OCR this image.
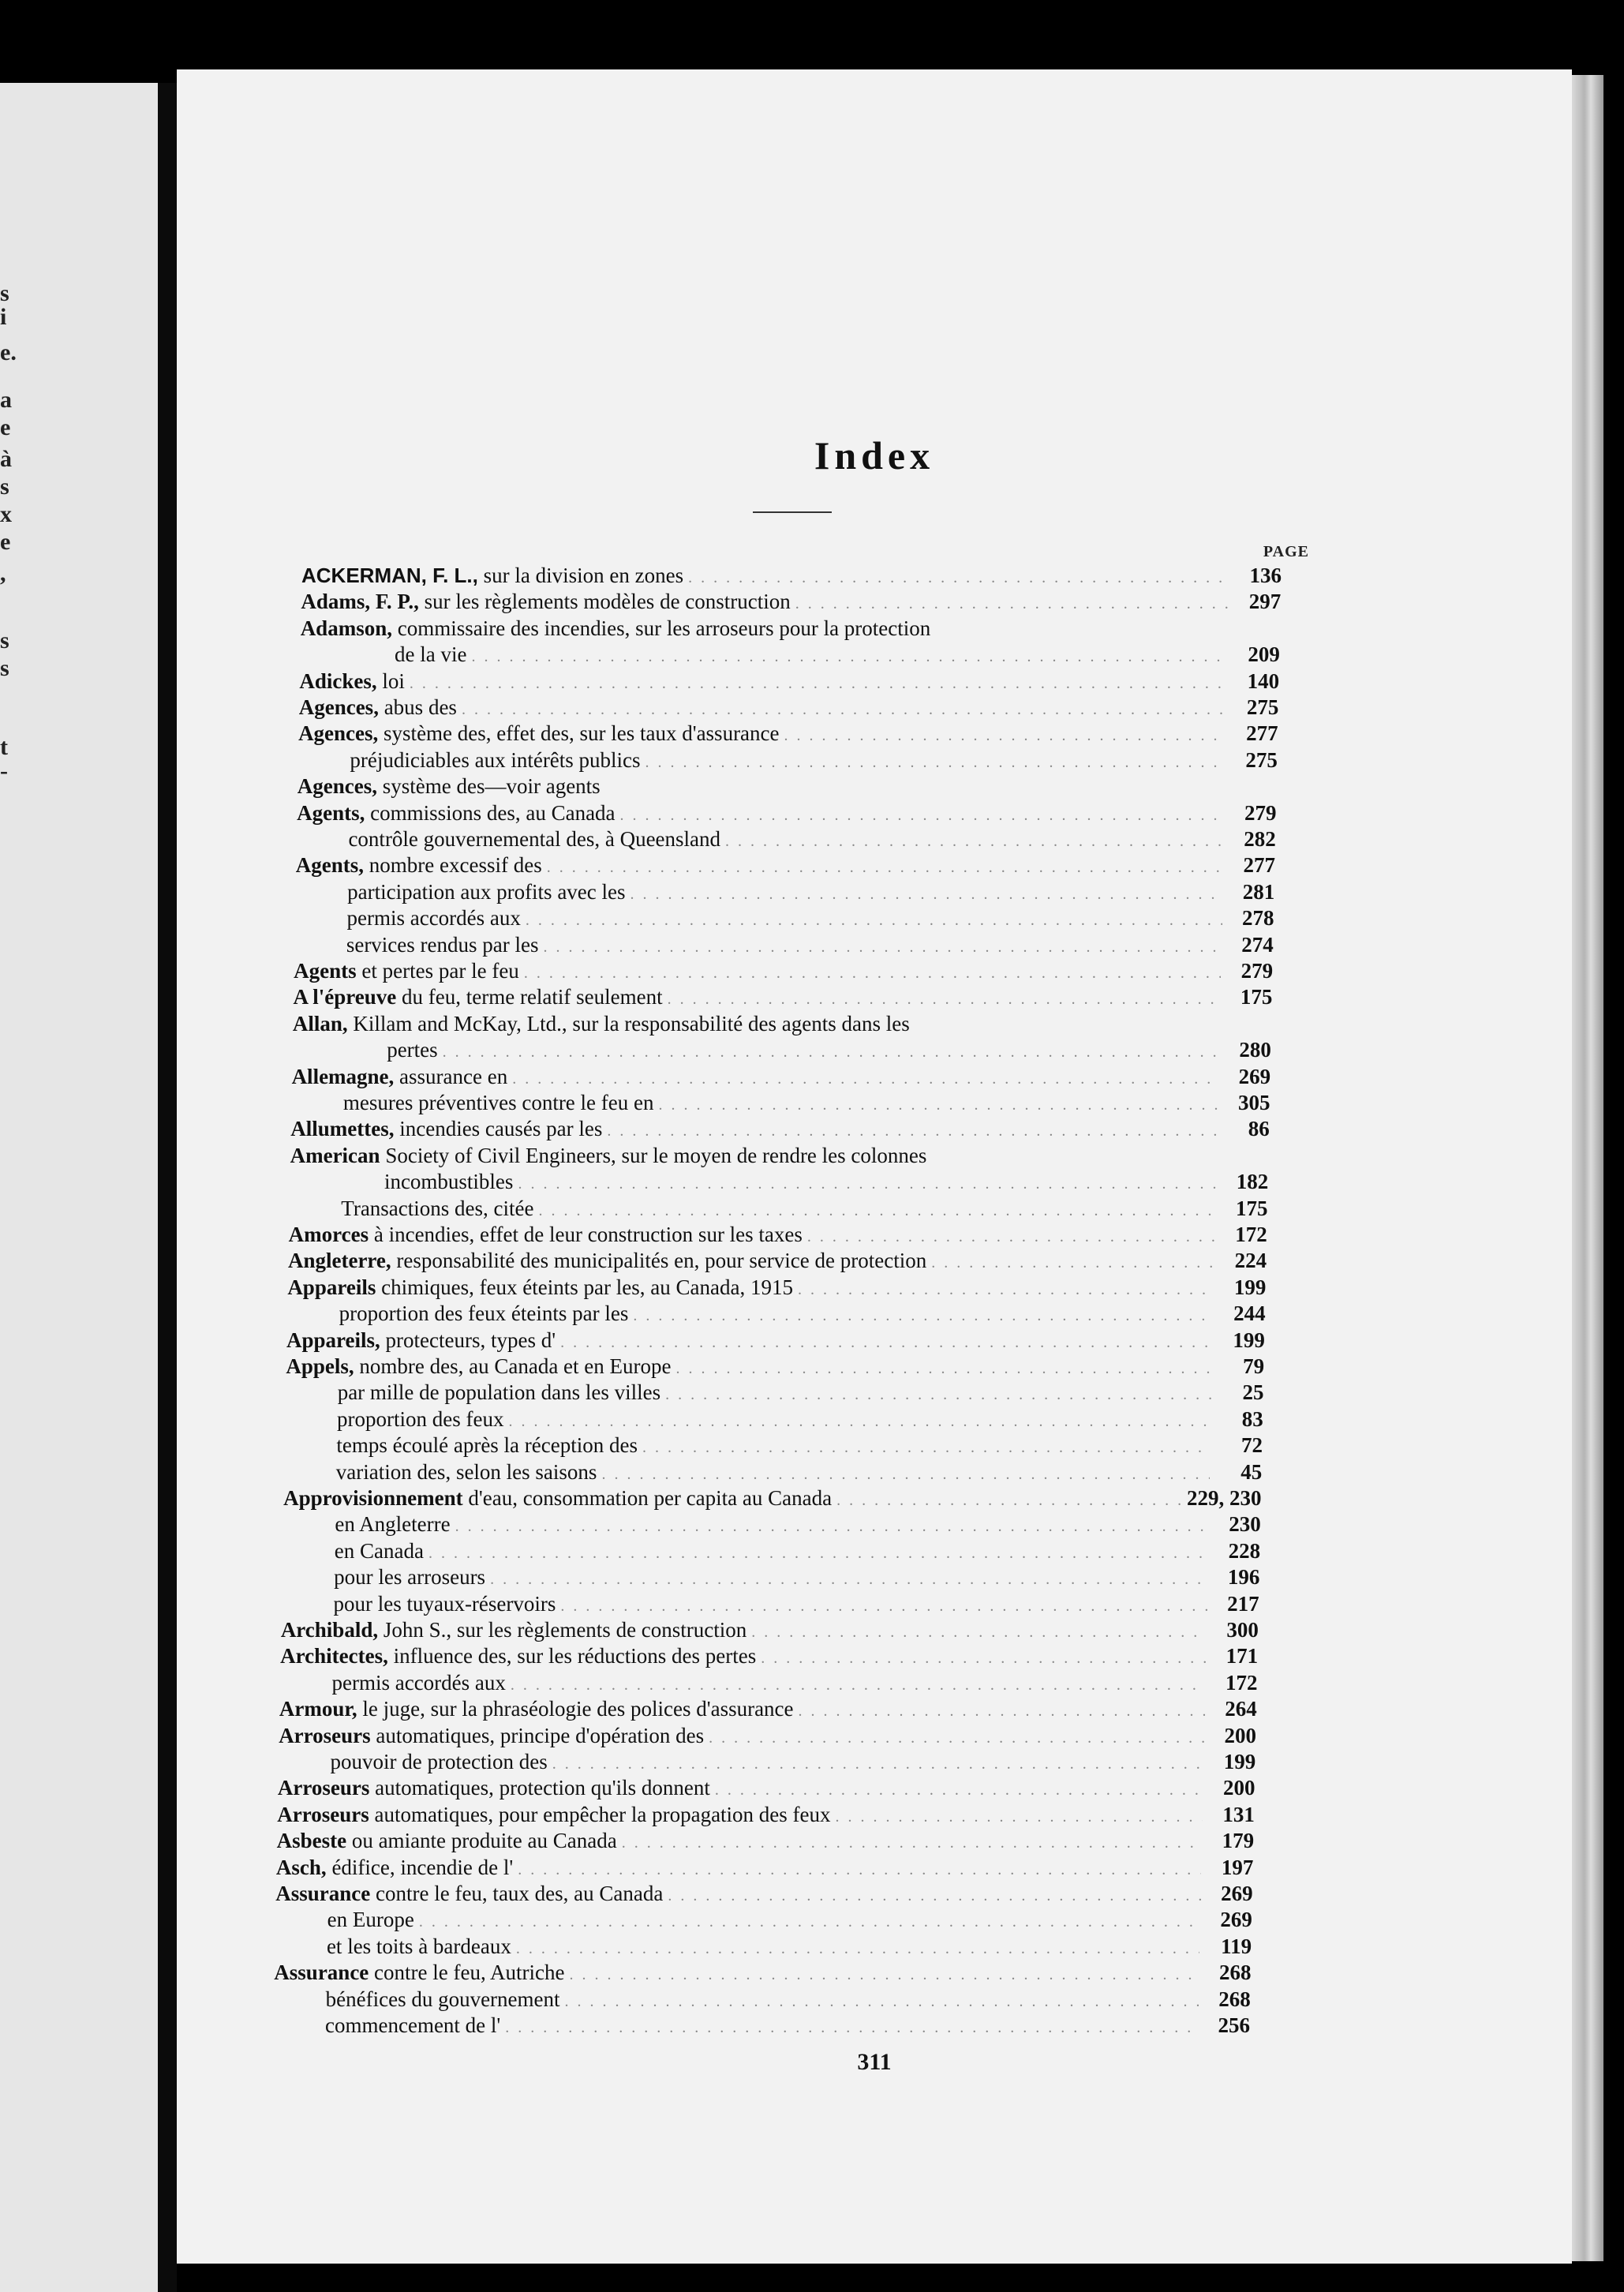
s
i
e.
a
e
à
s
x
e
,
s
s
t
-
Index
PAGE
ACKERMAN, F. L., sur la division en zones . . .	136
Adams, F. P., sur les règlements modèles de construction . . .	297
Adamson, commissaire des incendies, sur les arroseurs pour la protection
de la vie . . .	209
Adickes, loi . . .	140
Agences, abus des . . .	275
Agences, système des, effet des, sur les taux d'assurance . . .	277
préjudiciables aux intérêts publics . . .	275
Agences, système des—voir agents
Agents, commissions des, au Canada . . .	279
contrôle gouvernemental des, à Queensland . . .	282
Agents, nombre excessif des . . .	277
participation aux profits avec les . . .	281
permis accordés aux . . .	278
services rendus par les . . .	274
Agents et pertes par le feu . . .	279
A l'épreuve du feu, terme relatif seulement . . .	175
Allan, Killam and McKay, Ltd., sur la responsabilité des agents dans les
pertes . . .	280
Allemagne, assurance en . . .	269
mesures préventives contre le feu en . . .	305
Allumettes, incendies causés par les . . .	86
American Society of Civil Engineers, sur le moyen de rendre les colonnes
incombustibles . . .	182
Transactions des, citée . . .	175
Amorces à incendies, effet de leur construction sur les taxes . . .	172
Angleterre, responsabilité des municipalités en, pour service de protection . . .	224
Appareils chimiques, feux éteints par les, au Canada, 1915 . . .	199
proportion des feux éteints par les . . .	244
Appareils, protecteurs, types d' . . .	199
Appels, nombre des, au Canada et en Europe . . .	79
par mille de population dans les villes . . .	25
proportion des feux . . .	83
temps écoulé après la réception des . . .	72
variation des, selon les saisons . . .	45
Approvisionnement d'eau, consommation per capita au Canada . . .	229, 230
en Angleterre . . .	230
en Canada . . .	228
pour les arroseurs . . .	196
pour les tuyaux-réservoirs . . .	217
Archibald, John S., sur les règlements de construction . . .	300
Architectes, influence des, sur les réductions des pertes . . .	171
permis accordés aux . . .	172
Armour, le juge, sur la phraséologie des polices d'assurance . . .	264
Arroseurs automatiques, principe d'opération des . . .	200
pouvoir de protection des . . .	199
Arroseurs automatiques, protection qu'ils donnent . . .	200
Arroseurs automatiques, pour empêcher la propagation des feux . . .	131
Asbeste ou amiante produite au Canada . . .	179
Asch, édifice, incendie de l' . . .	197
Assurance contre le feu, taux des, au Canada . . .	269
en Europe . . .	269
et les toits à bardeaux . . .	119
Assurance contre le feu, Autriche . . .	268
bénéfices du gouvernement . . .	268
commencement de l' . . .	256
311
